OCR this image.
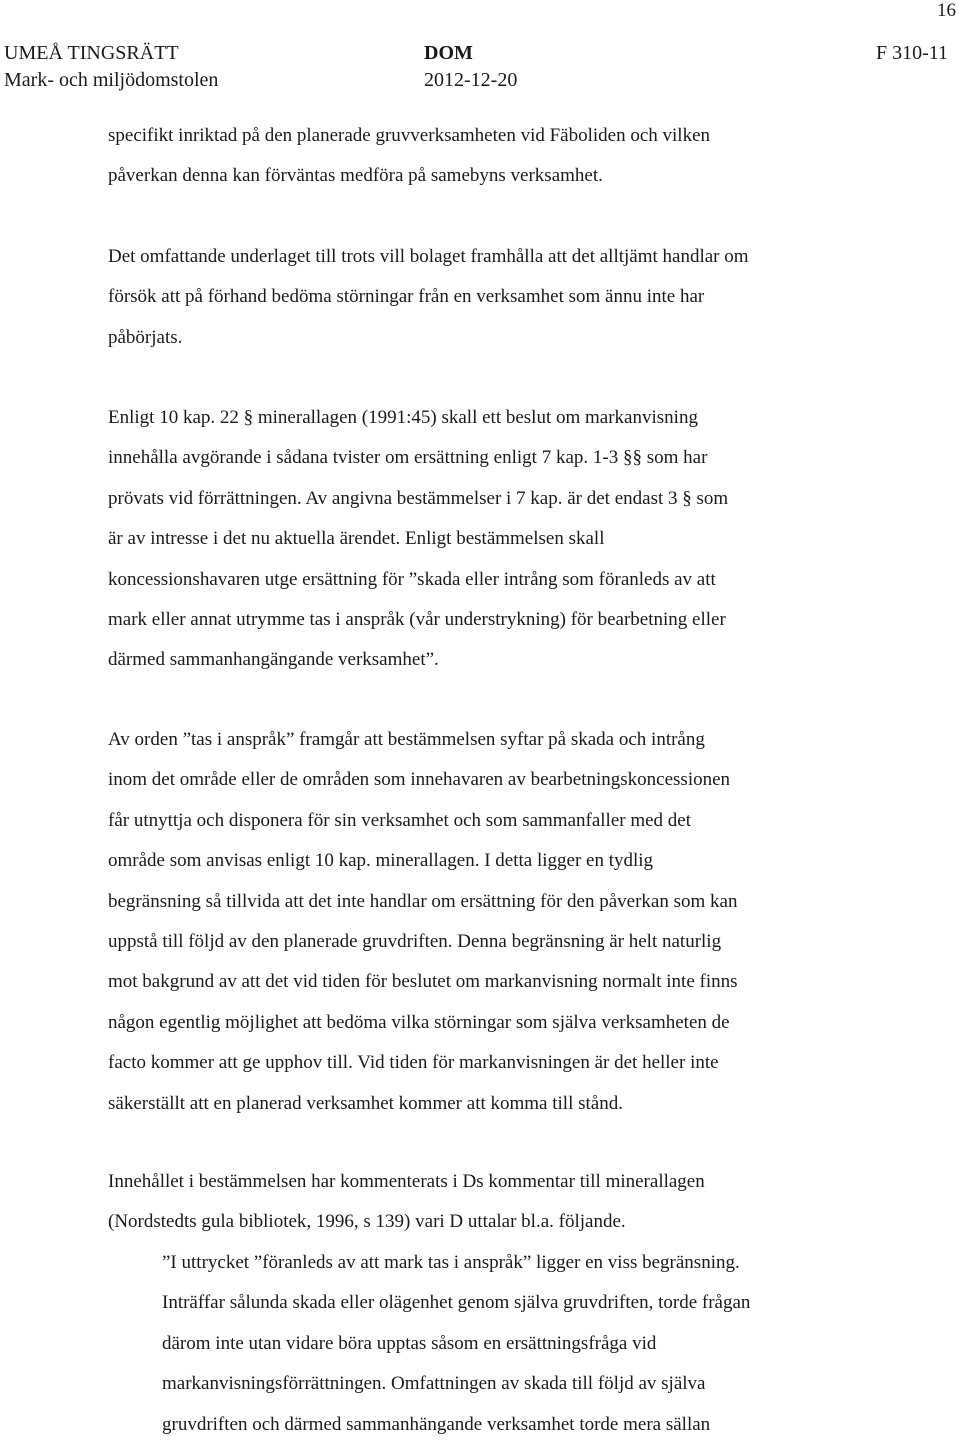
16
UMEÅ TINGSRÄTT
Mark- och miljödomstolen
DOM
2012-12-20
F 310-11
specifikt inriktad på den planerade gruvverksamheten vid Fäboliden och vilken
påverkan denna kan förväntas medföra på samebyns verksamhet.
Det omfattande underlaget till trots vill bolaget framhålla att det alltjämt handlar om
försök att på förhand bedöma störningar från en verksamhet som ännu inte har
påbörjats.
Enligt 10 kap. 22 § minerallagen (1991:45) skall ett beslut om markanvisning
innehålla avgörande i sådana tvister om ersättning enligt 7 kap. 1-3 §§ som har
prövats vid förrättningen. Av angivna bestämmelser i 7 kap. är det endast 3 § som
är av intresse i det nu aktuella ärendet. Enligt bestämmelsen skall
koncessionshavaren utge ersättning för ”skada eller intrång som föranleds av att
mark eller annat utrymme tas i anspråk (vår understrykning) för bearbetning eller
därmed sammanhangängande verksamhet”.
Av orden ”tas i anspråk” framgår att bestämmelsen syftar på skada och intrång
inom det område eller de områden som innehavaren av bearbetningskoncessionen
får utnyttja och disponera för sin verksamhet och som sammanfaller med det
område som anvisas enligt 10 kap. minerallagen. I detta ligger en tydlig
begränsning så tillvida att det inte handlar om ersättning för den påverkan som kan
uppstå till följd av den planerade gruvdriften. Denna begränsning är helt naturlig
mot bakgrund av att det vid tiden för beslutet om markanvisning normalt inte finns
någon egentlig möjlighet att bedöma vilka störningar som själva verksamheten de
facto kommer att ge upphov till. Vid tiden för markanvisningen är det heller inte
säkerställt att en planerad verksamhet kommer att komma till stånd.
Innehållet i bestämmelsen har kommenterats i Ds kommentar till minerallagen
(Nordstedts gula bibliotek, 1996, s 139) vari D uttalar bl.a. följande.
”I uttrycket ”föranleds av att mark tas i anspråk” ligger en viss begränsning.
Inträffar sålunda skada eller olägenhet genom själva gruvdriften, torde frågan
därom inte utan vidare böra upptas såsom en ersättningsfråga vid
markanvisningsförrättningen. Omfattningen av skada till följd av själva
gruvdriften och därmed sammanhängande verksamhet torde mera sällan
